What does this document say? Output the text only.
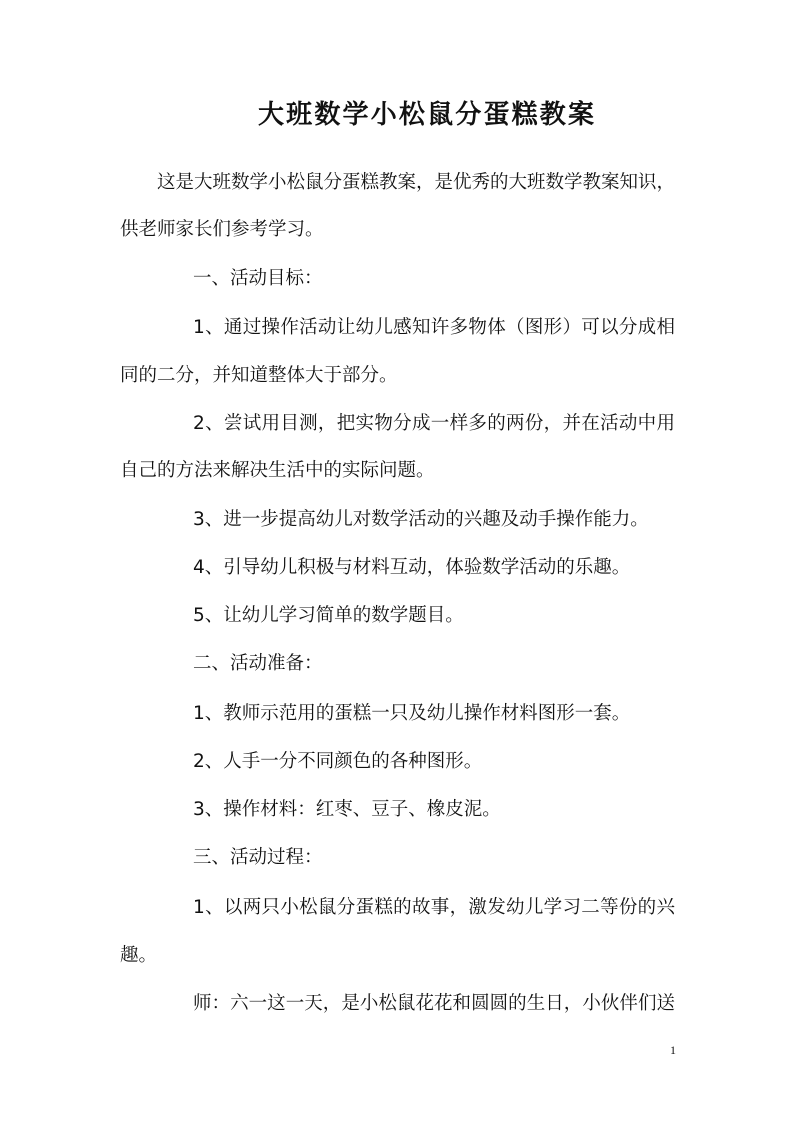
大班数学小松鼠分蛋糕教案
这是大班数学小松鼠分蛋糕教案，是优秀的大班数学教案知识，
供老师家长们参考学习。
一、活动目标：
1、通过操作活动让幼儿感知许多物体（图形）可以分成相
同的二分，并知道整体大于部分。
2、尝试用目测，把实物分成一样多的两份，并在活动中用
自己的方法来解决生活中的实际问题。
3、进一步提高幼儿对数学活动的兴趣及动手操作能力。
4、引导幼儿积极与材料互动，体验数学活动的乐趣。
5、让幼儿学习简单的数学题目。
二、活动准备：
1、教师示范用的蛋糕一只及幼儿操作材料图形一套。
2、人手一分不同颜色的各种图形。
3、操作材料：红枣、豆子、橡皮泥。
三、活动过程：
1、以两只小松鼠分蛋糕的故事，激发幼儿学习二等份的兴
趣。
师：六一这一天，是小松鼠花花和圆圆的生日，小伙伴们送
1
